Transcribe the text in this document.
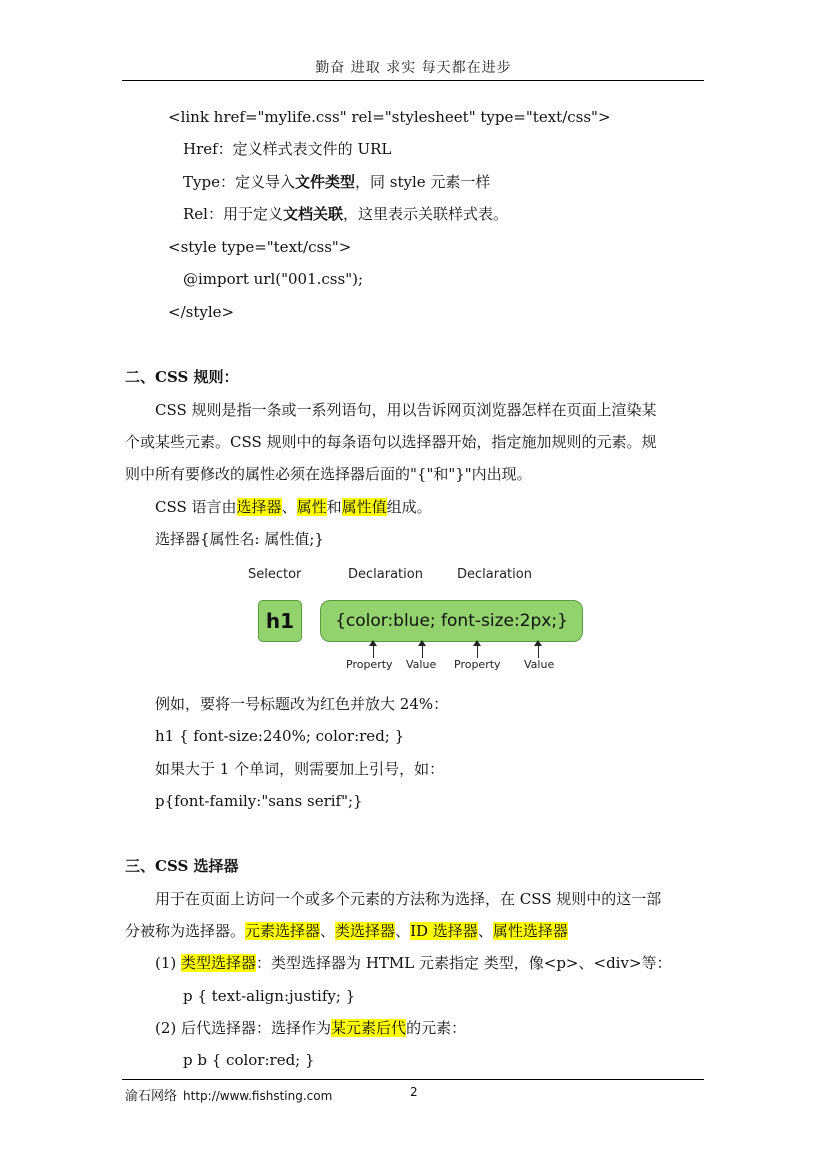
勤奋 进取 求实 每天都在进步
<link href="mylife.css" rel="stylesheet" type="text/css">
Href：定义样式表文件的 URL
Type：定义导入文件类型，同 style 元素一样
Rel：用于定义文档关联，这里表示关联样式表。
<style type="text/css">
@import url("001.css");
</style>
二、CSS 规则：
CSS 规则是指一条或一系列语句，用以告诉网页浏览器怎样在页面上渲染某
个或某些元素。CSS 规则中的每条语句以选择器开始，指定施加规则的元素。规
则中所有要修改的属性必须在选择器后面的"{"和"}"内出现。
CSS 语言由选择器、属性和属性值组成。
选择器{属性名: 属性值;}
Selector	Declaration	Declaration
h1	{color:blue; font-size:2px;}
Property Value Property Value
例如，要将一号标题改为红色并放大 24%：
h1 { font-size:240%; color:red; }
如果大于 1 个单词，则需要加上引号，如：
p{font-family:"sans serif";}
三、CSS 选择器
用于在页面上访问一个或多个元素的方法称为选择，在 CSS 规则中的这一部
分被称为选择器。元素选择器、类选择器、ID 选择器、属性选择器
(1) 类型选择器：类型选择器为 HTML 元素指定 类型，像<p>、<div>等：
p { text-align:justify; }
(2) 后代选择器：选择作为某元素后代的元素：
p b { color:red; }
渝石网络 http://www.fishsting.com	2
